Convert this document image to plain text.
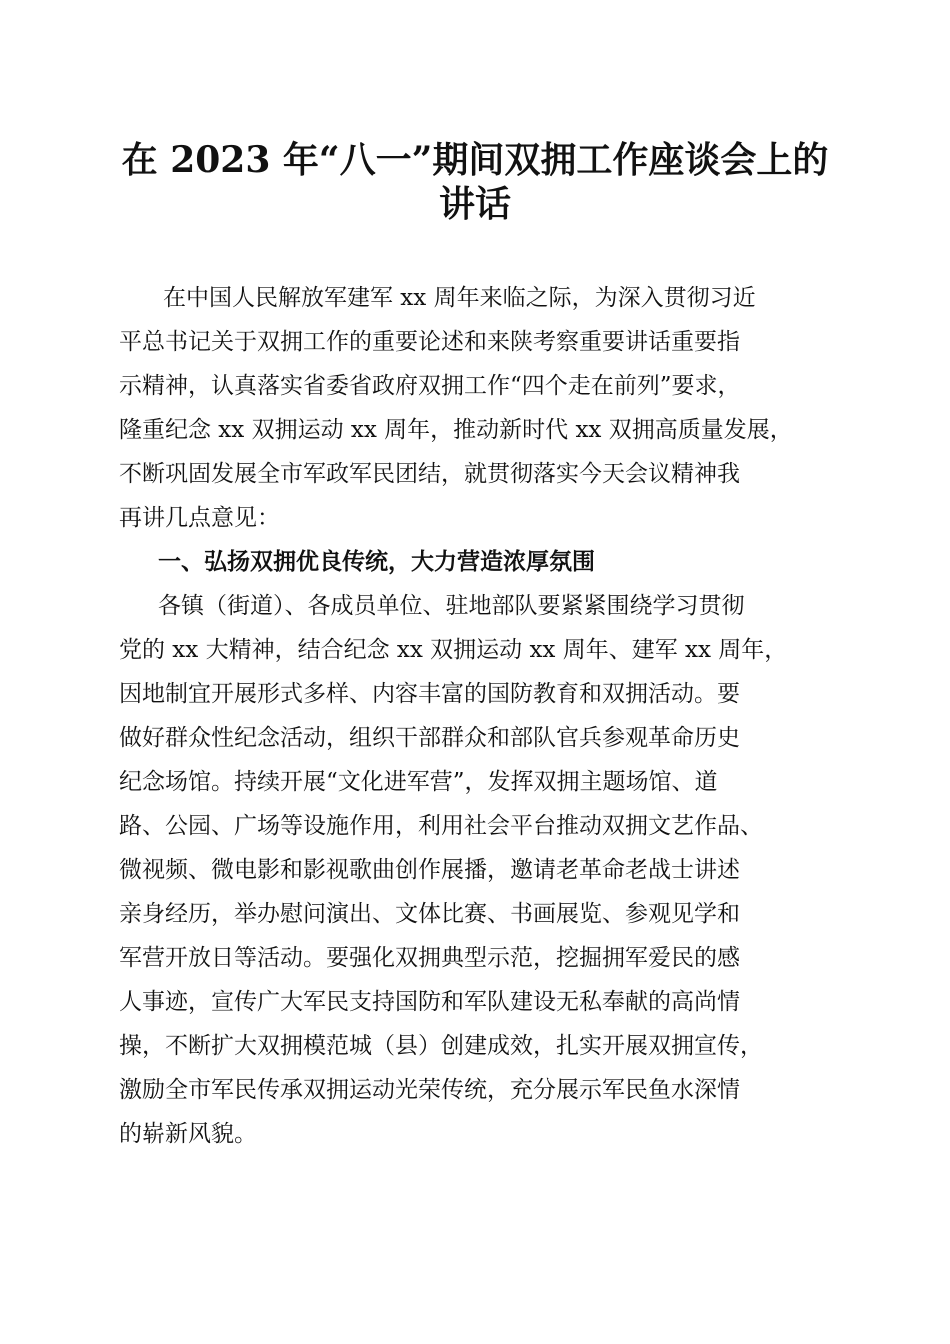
在 2023 年“八一”期间双拥工作座谈会上的
讲话

在中国人民解放军建军 xx 周年来临之际，为深入贯彻习近

平总书记关于双拥工作的重要论述和来陕考察重要讲话重要指

示精神，认真落实省委省政府双拥工作“四个走在前列”要求，

隆重纪念 xx 双拥运动 xx 周年，推动新时代 xx 双拥高质量发展，

不断巩固发展全市军政军民团结，就贯彻落实今天会议精神我

再讲几点意见：

一、弘扬双拥优良传统，大力营造浓厚氛围

各镇（街道）、各成员单位、驻地部队要紧紧围绕学习贯彻

党的 xx 大精神，结合纪念 xx 双拥运动 xx 周年、建军 xx 周年，

因地制宜开展形式多样、内容丰富的国防教育和双拥活动。要

做好群众性纪念活动，组织干部群众和部队官兵参观革命历史

纪念场馆。持续开展“文化进军营”，发挥双拥主题场馆、道

路、公园、广场等设施作用，利用社会平台推动双拥文艺作品、

微视频、微电影和影视歌曲创作展播，邀请老革命老战士讲述

亲身经历，举办慰问演出、文体比赛、书画展览、参观见学和

军营开放日等活动。要强化双拥典型示范，挖掘拥军爱民的感

人事迹，宣传广大军民支持国防和军队建设无私奉献的高尚情

操，不断扩大双拥模范城（县）创建成效，扎实开展双拥宣传，

激励全市军民传承双拥运动光荣传统，充分展示军民鱼水深情

的崭新风貌。
